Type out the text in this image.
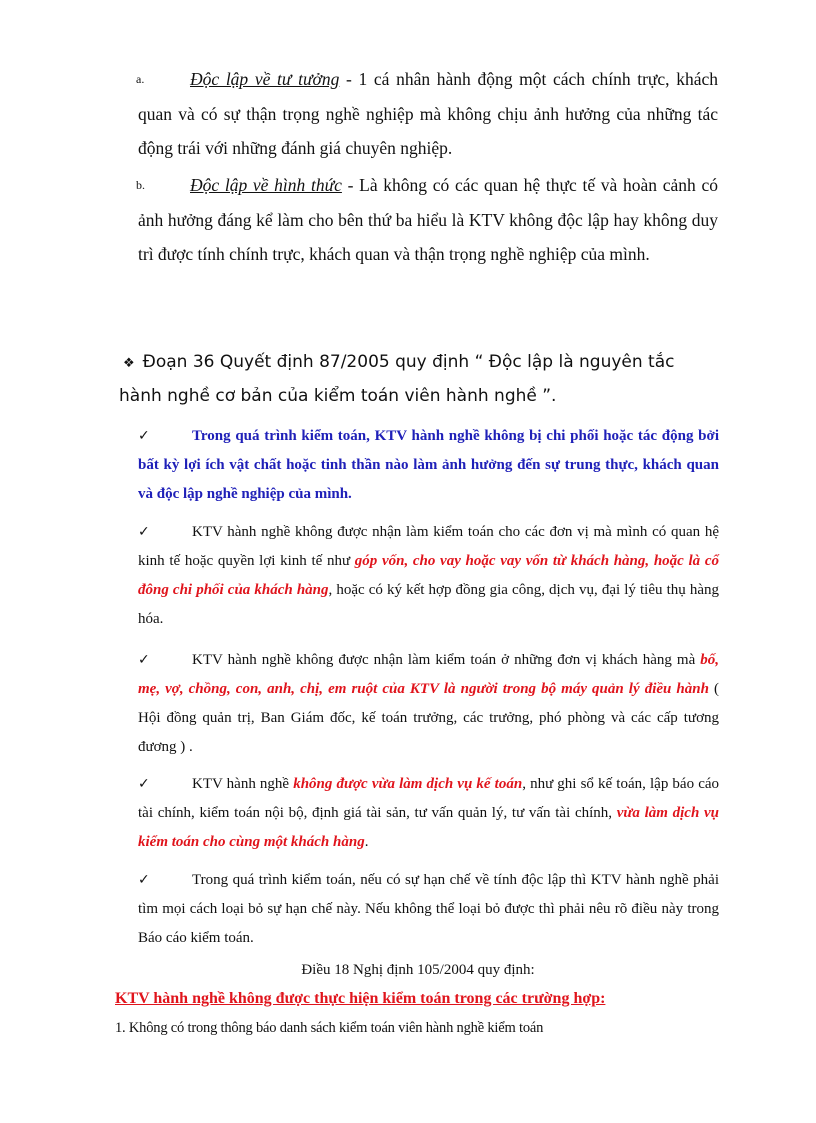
a.	Độc lập về tư tưởng - 1 cá nhân hành động một cách chính trực, khách quan và có sự thận trọng nghề nghiệp mà không chịu ảnh hưởng của những tác động trái với những đánh giá chuyên nghiệp.
b.	Độc lập về hình thức - Là không có các quan hệ thực tế và hoàn cảnh có ảnh hưởng đáng kể làm cho bên thứ ba hiểu là KTV không độc lập hay không duy trì được tính chính trực, khách quan và thận trọng nghề nghiệp của mình.
❖ Đoạn 36 Quyết định 87/2005 quy định “ Độc lập là nguyên tắc hành nghề cơ bản của kiểm toán viên hành nghề ”.
✓	Trong quá trình kiểm toán, KTV hành nghề không bị chi phối hoặc tác động bởi bất kỳ lợi ích vật chất hoặc tinh thần nào làm ảnh hưởng đến sự trung thực, khách quan và độc lập nghề nghiệp của mình.
✓	KTV hành nghề không được nhận làm kiểm toán cho các đơn vị mà mình có quan hệ kinh tế hoặc quyền lợi kinh tế như góp vốn, cho vay hoặc vay vốn từ khách hàng, hoặc là cổ đông chi phối của khách hàng, hoặc có ký kết hợp đồng gia công, dịch vụ, đại lý tiêu thụ hàng hóa.
✓	KTV hành nghề không được nhận làm kiểm toán ở những đơn vị khách hàng mà bố, mẹ, vợ, chồng, con, anh, chị, em ruột của KTV là người trong bộ máy quản lý điều hành ( Hội đồng quản trị, Ban Giám đốc, kế toán trưởng, các trưởng, phó phòng và các cấp tương đương ) .
✓	KTV hành nghề không được vừa làm dịch vụ kế toán, như ghi sổ kế toán, lập báo cáo tài chính, kiểm toán nội bộ, định giá tài sản, tư vấn quản lý, tư vấn tài chính, vừa làm dịch vụ kiểm toán cho cùng một khách hàng.
✓	Trong quá trình kiểm toán, nếu có sự hạn chế về tính độc lập thì KTV hành nghề phải tìm mọi cách loại bỏ sự hạn chế này. Nếu không thể loại bỏ được thì phải nêu rõ điều này trong Báo cáo kiểm toán.
Điều 18 Nghị định 105/2004 quy định:
KTV hành nghề không được thực hiện kiểm toán trong các trường hợp:
1. Không có trong thông báo danh sách kiểm toán viên hành nghề kiểm toán
